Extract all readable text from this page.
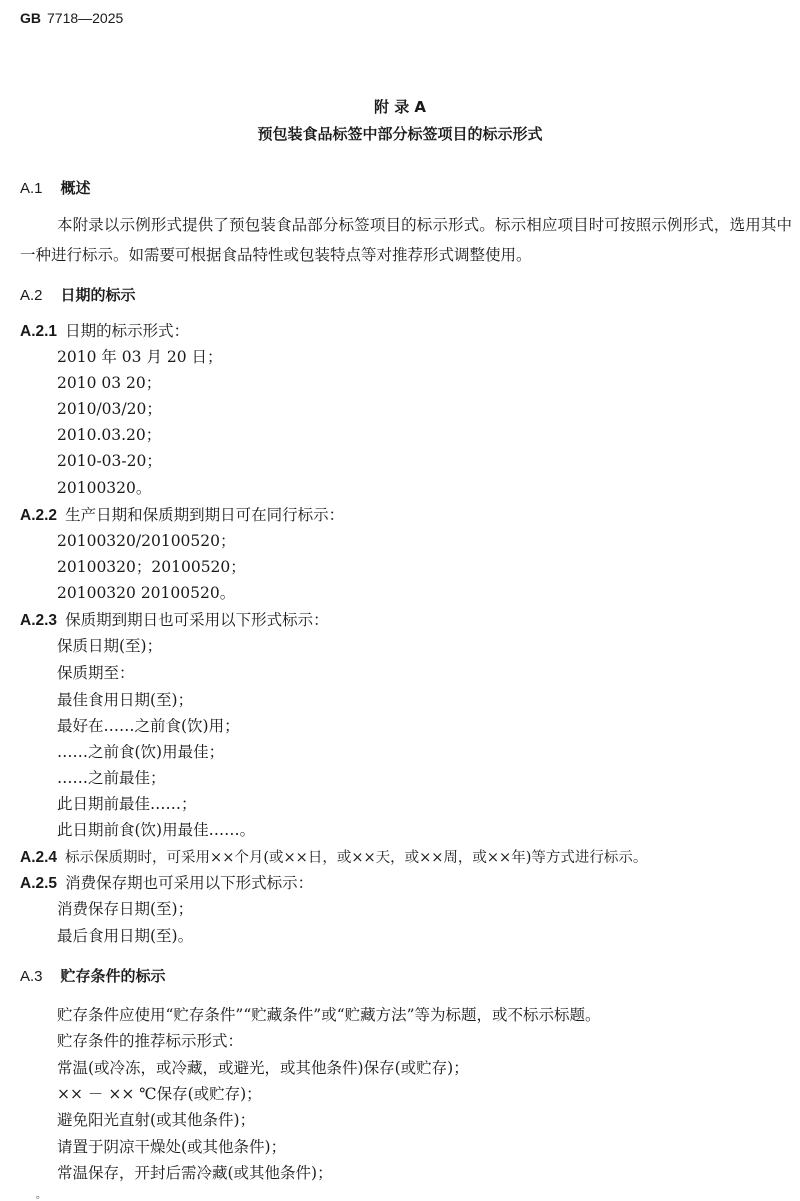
GB 7718—2025
附 录 A
预包装食品标签中部分标签项目的标示形式
A.1 概述
本附录以示例形式提供了预包装食品部分标签项目的标示形式。标示相应项目时可按照示例形式，选用其中一种进行标示。如需要可根据食品特性或包装特点等对推荐形式调整使用。
A.2 日期的标示
A.2.1 日期的标示形式：
2010 年 03 月 20 日；
2010 03 20；
2010/03/20；
2010.03.20；
2010-03-20；
20100320。
A.2.2 生产日期和保质期到期日可在同行标示：
20100320/20100520；
20100320；20100520；
20100320 20100520。
A.2.3 保质期到期日也可采用以下形式标示：
保质日期(至)；
保质期至：
最佳食用日期(至)；
最好在……之前食(饮)用；
……之前食(饮)用最佳；
……之前最佳；
此日期前最佳……；
此日期前食(饮)用最佳……。
A.2.4 标示保质期时，可采用××个月(或××日，或××天，或××周，或××年)等方式进行标示。
A.2.5 消费保存期也可采用以下形式标示：
消费保存日期(至)；
最后食用日期(至)。
A.3 贮存条件的标示
贮存条件应使用“贮存条件”“贮藏条件”或“贮藏方法”等为标题，或不标示标题。
贮存条件的推荐标示形式：
常温(或冷冻，或冷藏，或避光，或其他条件)保存(或贮存)；
×× － ×× ℃保存(或贮存)；
避免阳光直射(或其他条件)；
请置于阴凉干燥处(或其他条件)；
常温保存，开封后需冷藏(或其他条件)；
。
